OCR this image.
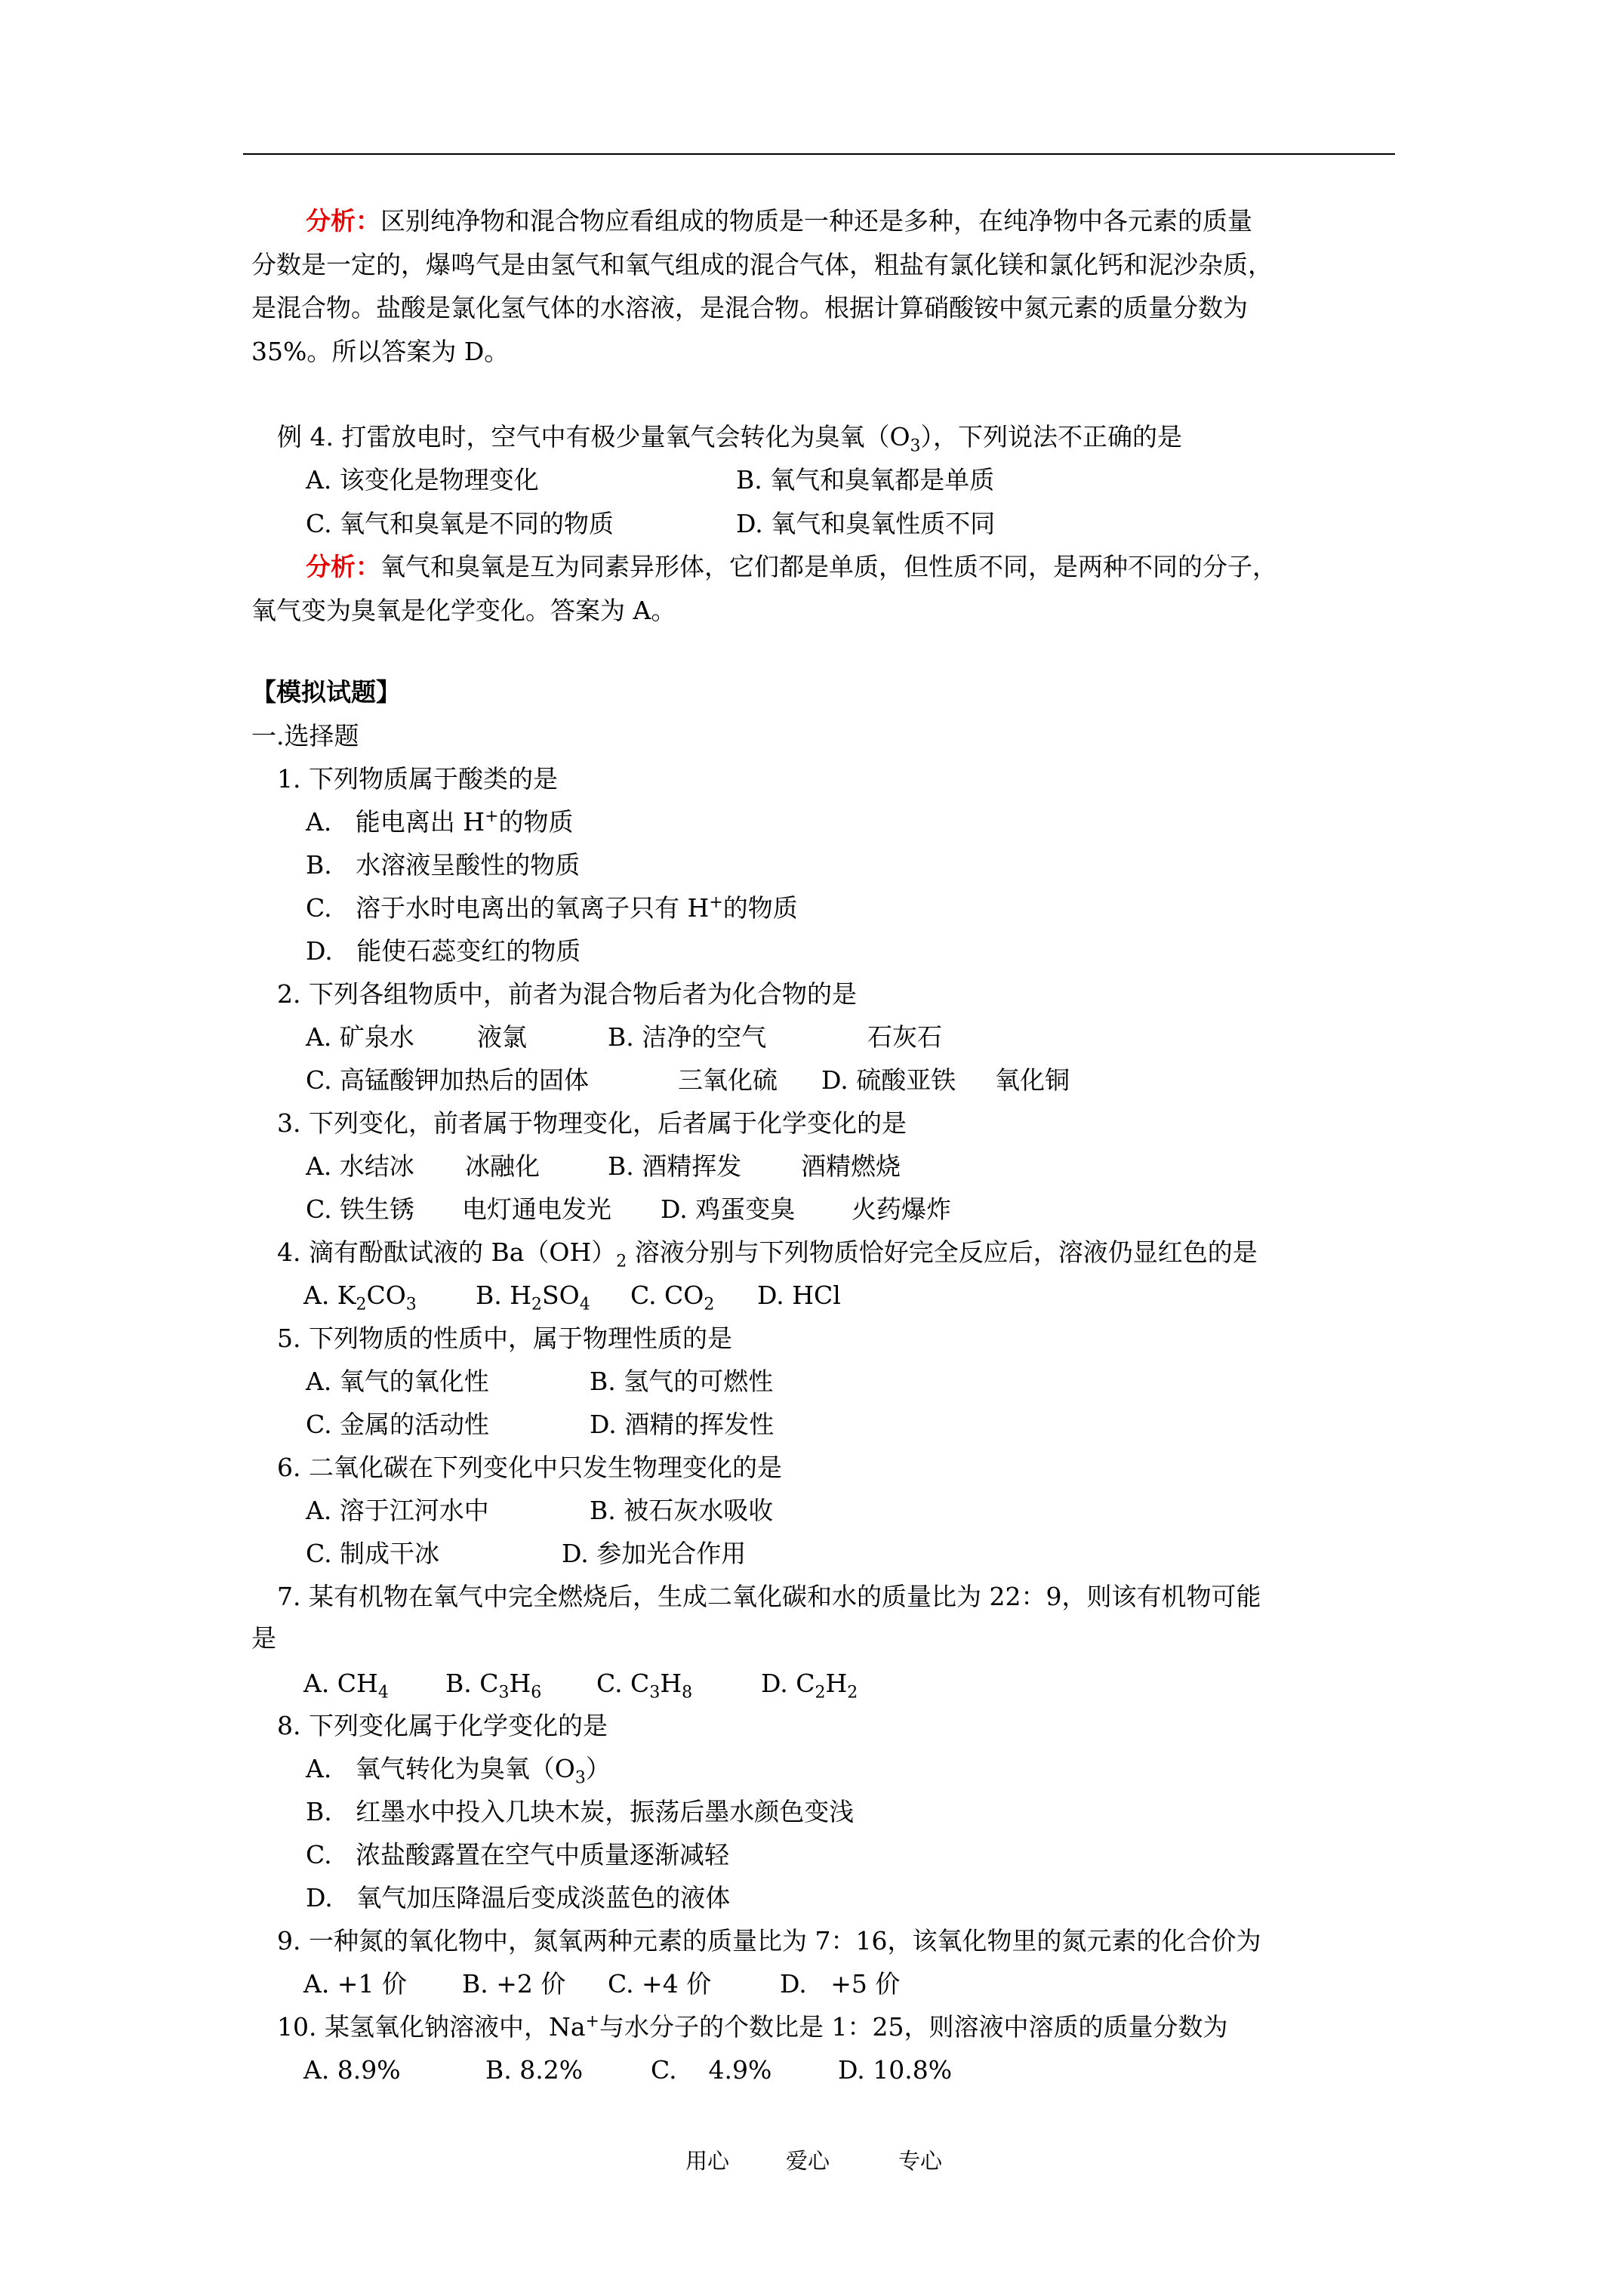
分析：区别纯净物和混合物应看组成的物质是一种还是多种，在纯净物中各元素的质量
分数是一定的，爆鸣气是由氢气和氧气组成的混合气体，粗盐有氯化镁和氯化钙和泥沙杂质，
是混合物。盐酸是氯化氢气体的水溶液，是混合物。根据计算硝酸铵中氮元素的质量分数为
35%。所以答案为 D。
例 4. 打雷放电时，空气中有极少量氧气会转化为臭氧$(O_3)$，下列说法不正确的是
A. 该变化是物理变化	B. 氧气和臭氧都是单质
C. 氧气和臭氧是不同的物质	D. 氧气和臭氧性质不同
分析：氧气和臭氧是互为同素异形体，它们都是单质，但性质不同，是两种不同的分子，
氧气变为臭氧是化学变化。答案为 A。
【模拟试题】
一.选择题
1. 下列物质属于酸类的是
A.   能电离出 H+的物质
B.   水溶液呈酸性的物质
C.   溶于水时电离出的氧离子只有 H+的物质
D.   能使石蕊变红的物质
2. 下列各组物质中，前者为混合物后者为化合物的是
A. 矿泉水	液氯	B. 洁净的空气	石灰石
C. 高锰酸钾加热后的固体	三氧化硫 D. 硫酸亚铁 氧化铜
3. 下列变化，前者属于物理变化，后者属于化学变化的是
A. 水结冰 冰融化	B. 酒精挥发 酒精燃烧
C. 铁生锈 电灯通电发光 D. 鸡蛋变臭 火药爆炸
4. 滴有酚酞试液的 $Ba(OH)_2$ 溶液分别与下列物质恰好完全反应后，溶液仍显红色的是
A. $K_2CO_3$ B. $H_2SO_4$ C. $CO_2$ D. HCl
5. 下列物质的性质中，属于物理性质的是
A. 氧气的氧化性	B. 氢气的可燃性
C. 金属的活动性	D. 酒精的挥发性
6. 二氧化碳在下列变化中只发生物理变化的是
A. 溶于江河水中	B. 被石灰水吸收
C. 制成干冰	D. 参加光合作用
7. 某有机物在氧气中完全燃烧后，生成二氧化碳和水的质量比为 22：9，则该有机物可能
是
A. $CH_4$ B. $C_3H_6$ C. $C_3H_8$	D. $C_2H_2$
8. 下列变化属于化学变化的是
A.   氧气转化为臭氧$(O_3)$
B.   红墨水中投入几块木炭，振荡后墨水颜色变浅
C.   浓盐酸露置在空气中质量逐渐减轻
D.   氧气加压降温后变成淡蓝色的液体
9. 一种氮的氧化物中，氮氧两种元素的质量比为 7：16，该氧化物里的氮元素的化合价为
A. +1 价 B. +2 价 C. +4 价	D.   +5 价
10. 某氢氧化钠溶液中，Na+与水分子的个数比是 1：25，则溶液中溶质的质量分数为
A. 8.9%	B. 8.2%	C.    4.9%	D. 10.8%
用心	爱心	专心
